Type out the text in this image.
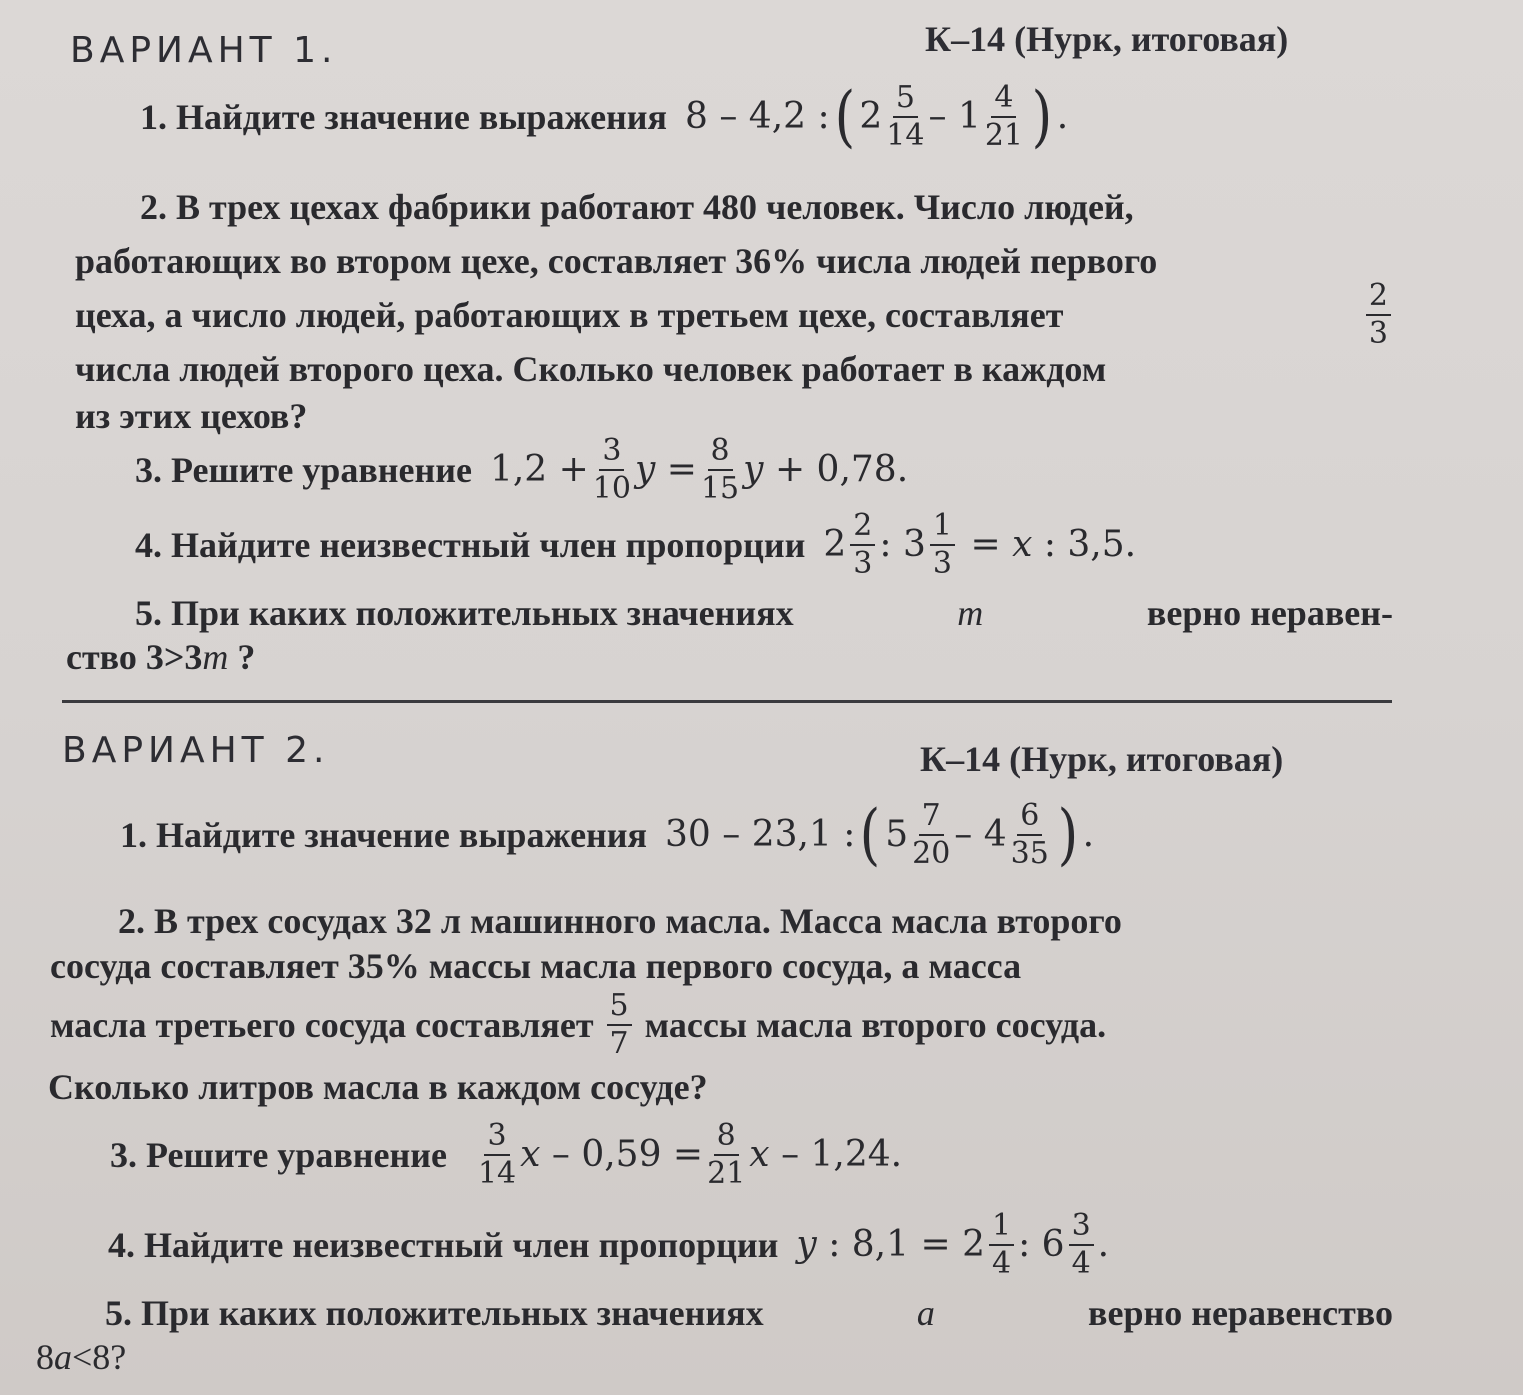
ВАРИАНТ 1.	К–14 (Нурк, итоговая)
1.
Найдите значение выражения
8 – 4,2 : ( $2 \frac{5}{14}$ –
$1 \frac{4}{21}$ ) .
2. В трех цехах фабрики работают 480 человек. Число людей,
работающих во втором цехе, составляет 36% числа людей первого
цеха, а число людей, работающих в третьем цехе, составляет	$\frac{2}{3}$
числа людей второго цеха. Сколько человек работает в каждом
из этих цехов?
3.
Решите уравнение
$1,2 + \frac{3}{10}$ y
= $\frac{8}{15}$ y
+ 0,78.
4.
Найдите неизвестный член пропорции
$2 \frac{2}{3}$ :
$3 \frac{1}{3}$
=
x
: 3,5.
5. При каких положительных значениях	m	верно неравен-
ство 3>3m ?
ВАРИАНТ 2.	К–14 (Нурк, итоговая)
1.
Найдите значение выражения
30 – 23,1 : ( $5 \frac{7}{20}$ –
$4 \frac{6}{35}$ ) .
2. В трех сосудах 32 л машинного масла. Масса масла второго
сосуда составляет 35% массы масла первого сосуда, а масса
масла третьего сосуда составляет
$\frac{5}{7}$
массы масла второго сосуда.
Сколько литров масла в каждом сосуде?
3.
Решите уравнение
$\frac{3}{14}$ x
– $0,59 = \frac{8}{21}$ x
– 1,24.
4.
Найдите неизвестный член пропорции
y
: 8,1 =
$2 \frac{1}{4}$ :
$6 \frac{3}{4}$ .
5. При каких положительных значениях	a	верно неравенство
8a<8?
